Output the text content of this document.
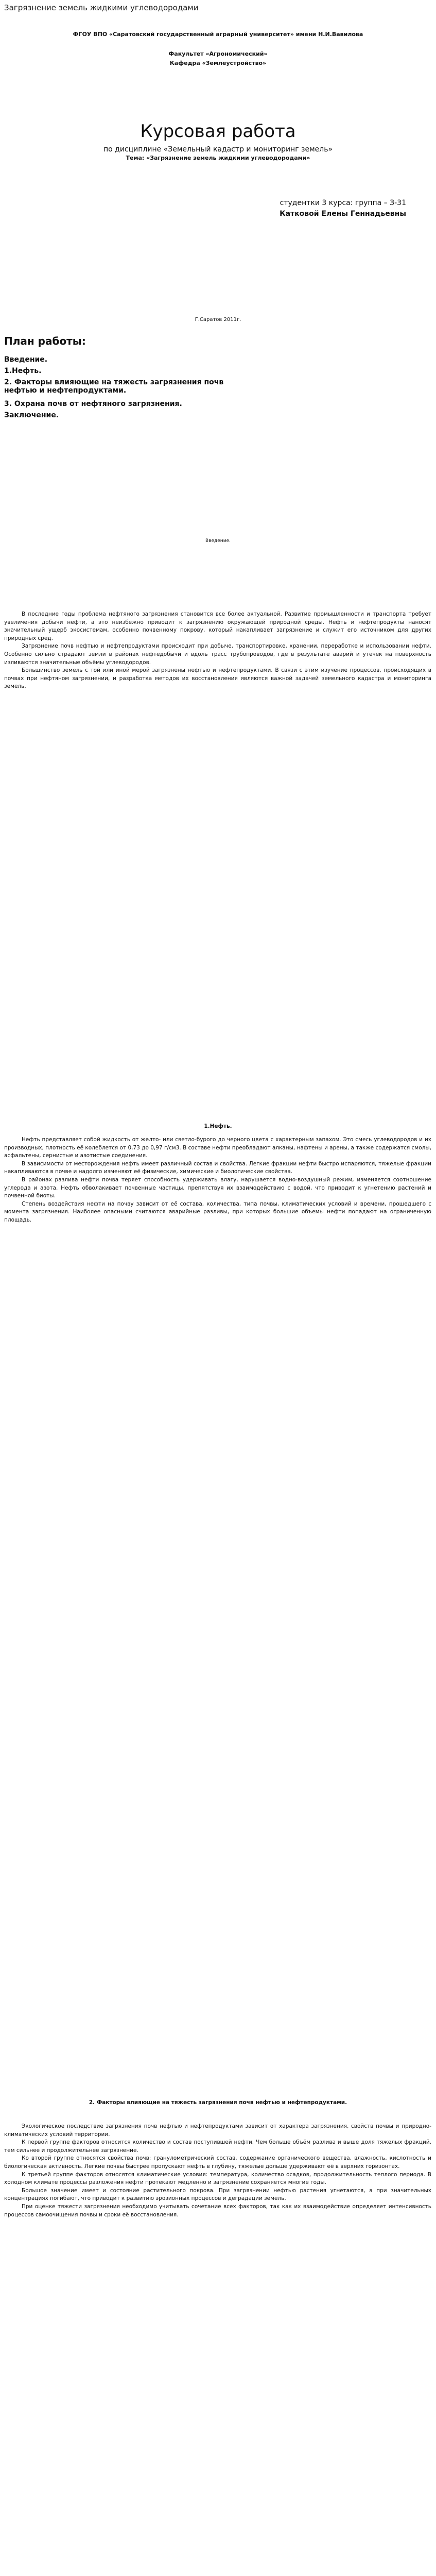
Загрязнение земель жидкими углеводородами
ФГОУ ВПО «Саратовский государственный аграрный университет» имени Н.И.Вавилова
Факультет «Агрономический»
Кафедра «Землеустройство»
Курсовая работа
по дисциплине «Земельный кадастр и мониторинг земель»
Тема: «Загрязнение земель жидкими углеводородами»
студентки 3 курса: группа – З-31
Катковой Елены Геннадьевны
Г.Саратов 2011г.
План работы:
Введение.
1.Нефть.
2. Факторы влияющие на тяжесть загрязнения почв нефтью и нефтепродуктами.
3. Охрана почв от нефтяного загрязнения.
Заключение.
Введение.

В последние годы проблема нефтяного загрязнения становится все более актуальной. Развитие промышленности и транспорта требует увеличения добычи нефти, а это неизбежно приводит к загрязнению окружающей природной среды. Нефть и нефтепродукты наносят значительный ущерб экосистемам, особенно почвенному покрову, который накапливает загрязнение и служит его источником для других природных сред.

Загрязнение почв нефтью и нефтепродуктами происходит при добыче, транспортировке, хранении, переработке и использовании нефти. Особенно сильно страдают земли в районах нефтедобычи и вдоль трасс трубопроводов, где в результате аварий и утечек на поверхность изливаются значительные объёмы углеводородов.

Большинство земель с той или иной мерой загрязнены нефтью и нефтепродуктами. В связи с этим изучение процессов, происходящих в почвах при нефтяном загрязнении, и разработка методов их восстановления являются важной задачей земельного кадастра и мониторинга земель.

1.Нефть.

Нефть представляет собой жидкость от желто- или светло-бурого до черного цвета с характерным запахом. Это смесь углеводородов и их производных, плотность её колеблется от 0,73 до 0,97 г/см3. В составе нефти преобладают алканы, нафтены и арены, а также содержатся смолы, асфальтены, сернистые и азотистые соединения.

В зависимости от месторождения нефть имеет различный состав и свойства. Легкие фракции нефти быстро испаряются, тяжелые фракции накапливаются в почве и надолго изменяют её физические, химические и биологические свойства.

В районах разлива нефти почва теряет способность удерживать влагу, нарушается водно-воздушный режим, изменяется соотношение углерода и азота. Нефть обволакивает почвенные частицы, препятствуя их взаимодействию с водой, что приводит к угнетению растений и почвенной биоты.

Степень воздействия нефти на почву зависит от её состава, количества, типа почвы, климатических условий и времени, прошедшего с момента загрязнения. Наиболее опасными считаются аварийные разливы, при которых большие объемы нефти попадают на ограниченную площадь.

2. Факторы влияющие на тяжесть загрязнения почв нефтью и нефтепродуктами.

Экологическое последствие загрязнения почв нефтью и нефтепродуктами зависит от характера загрязнения, свойств почвы и природно-климатических условий территории.

К первой группе факторов относится количество и состав поступившей нефти. Чем больше объём разлива и выше доля тяжелых фракций, тем сильнее и продолжительнее загрязнение.

Ко второй группе относятся свойства почв: гранулометрический состав, содержание органического вещества, влажность, кислотность и биологическая активность. Легкие почвы быстрее пропускают нефть в глубину, тяжелые дольше удерживают её в верхних горизонтах.

К третьей группе факторов относятся климатические условия: температура, количество осадков, продолжительность теплого периода. В холодном климате процессы разложения нефти протекают медленно и загрязнение сохраняется многие годы.

Большое значение имеет и состояние растительного покрова. При загрязнении нефтью растения угнетаются, а при значительных концентрациях погибают, что приводит к развитию эрозионных процессов и деградации земель.

При оценке тяжести загрязнения необходимо учитывать сочетание всех факторов, так как их взаимодействие определяет интенсивность процессов самоочищения почвы и сроки её восстановления.
